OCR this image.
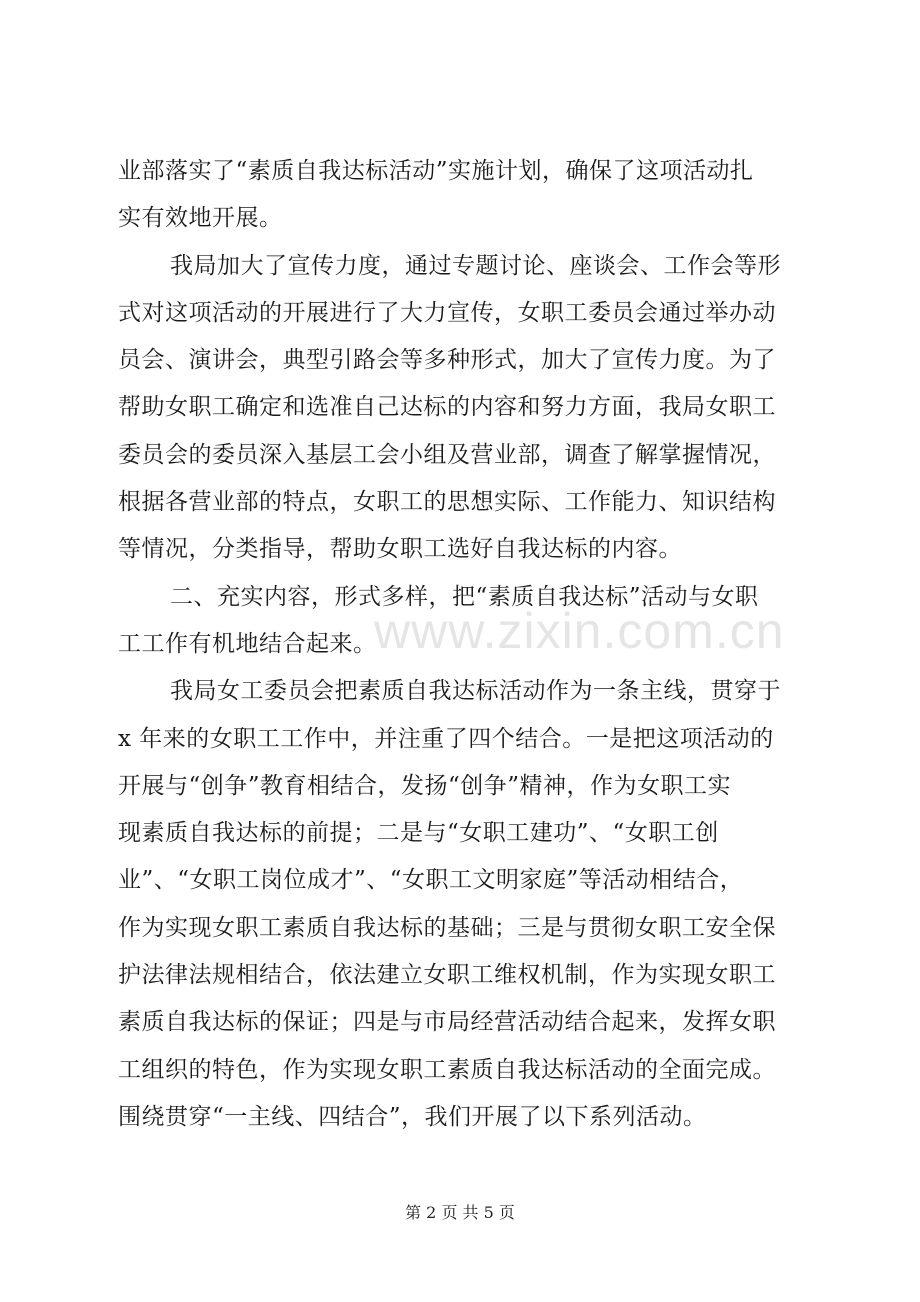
业部落实了“素质自我达标活动”实施计划，确保了这项活动扎
实有效地开展。
我局加大了宣传力度，通过专题讨论、座谈会、工作会等形
式对这项活动的开展进行了大力宣传，女职工委员会通过举办动
员会、演讲会，典型引路会等多种形式，加大了宣传力度。为了
帮助女职工确定和选准自己达标的内容和努力方面，我局女职工
委员会的委员深入基层工会小组及营业部，调查了解掌握情况，
根据各营业部的特点，女职工的思想实际、工作能力、知识结构
等情况，分类指导，帮助女职工选好自我达标的内容。
二、充实内容，形式多样，把“素质自我达标”活动与女职
工工作有机地结合起来。
我局女工委员会把素质自我达标活动作为一条主线，贯穿于
x 年来的女职工工作中，并注重了四个结合。一是把这项活动的
开展与“创争”教育相结合，发扬“创争”精神，作为女职工实
现素质自我达标的前提；二是与“女职工建功”、“女职工创
业”、“女职工岗位成才”、“女职工文明家庭”等活动相结合，
作为实现女职工素质自我达标的基础；三是与贯彻女职工安全保
护法律法规相结合，依法建立女职工维权机制，作为实现女职工
素质自我达标的保证；四是与市局经营活动结合起来，发挥女职
工组织的特色，作为实现女职工素质自我达标活动的全面完成。
围绕贯穿“一主线、四结合”，我们开展了以下系列活动。
www.zixin.com.cn
第 2 页 共 5 页
